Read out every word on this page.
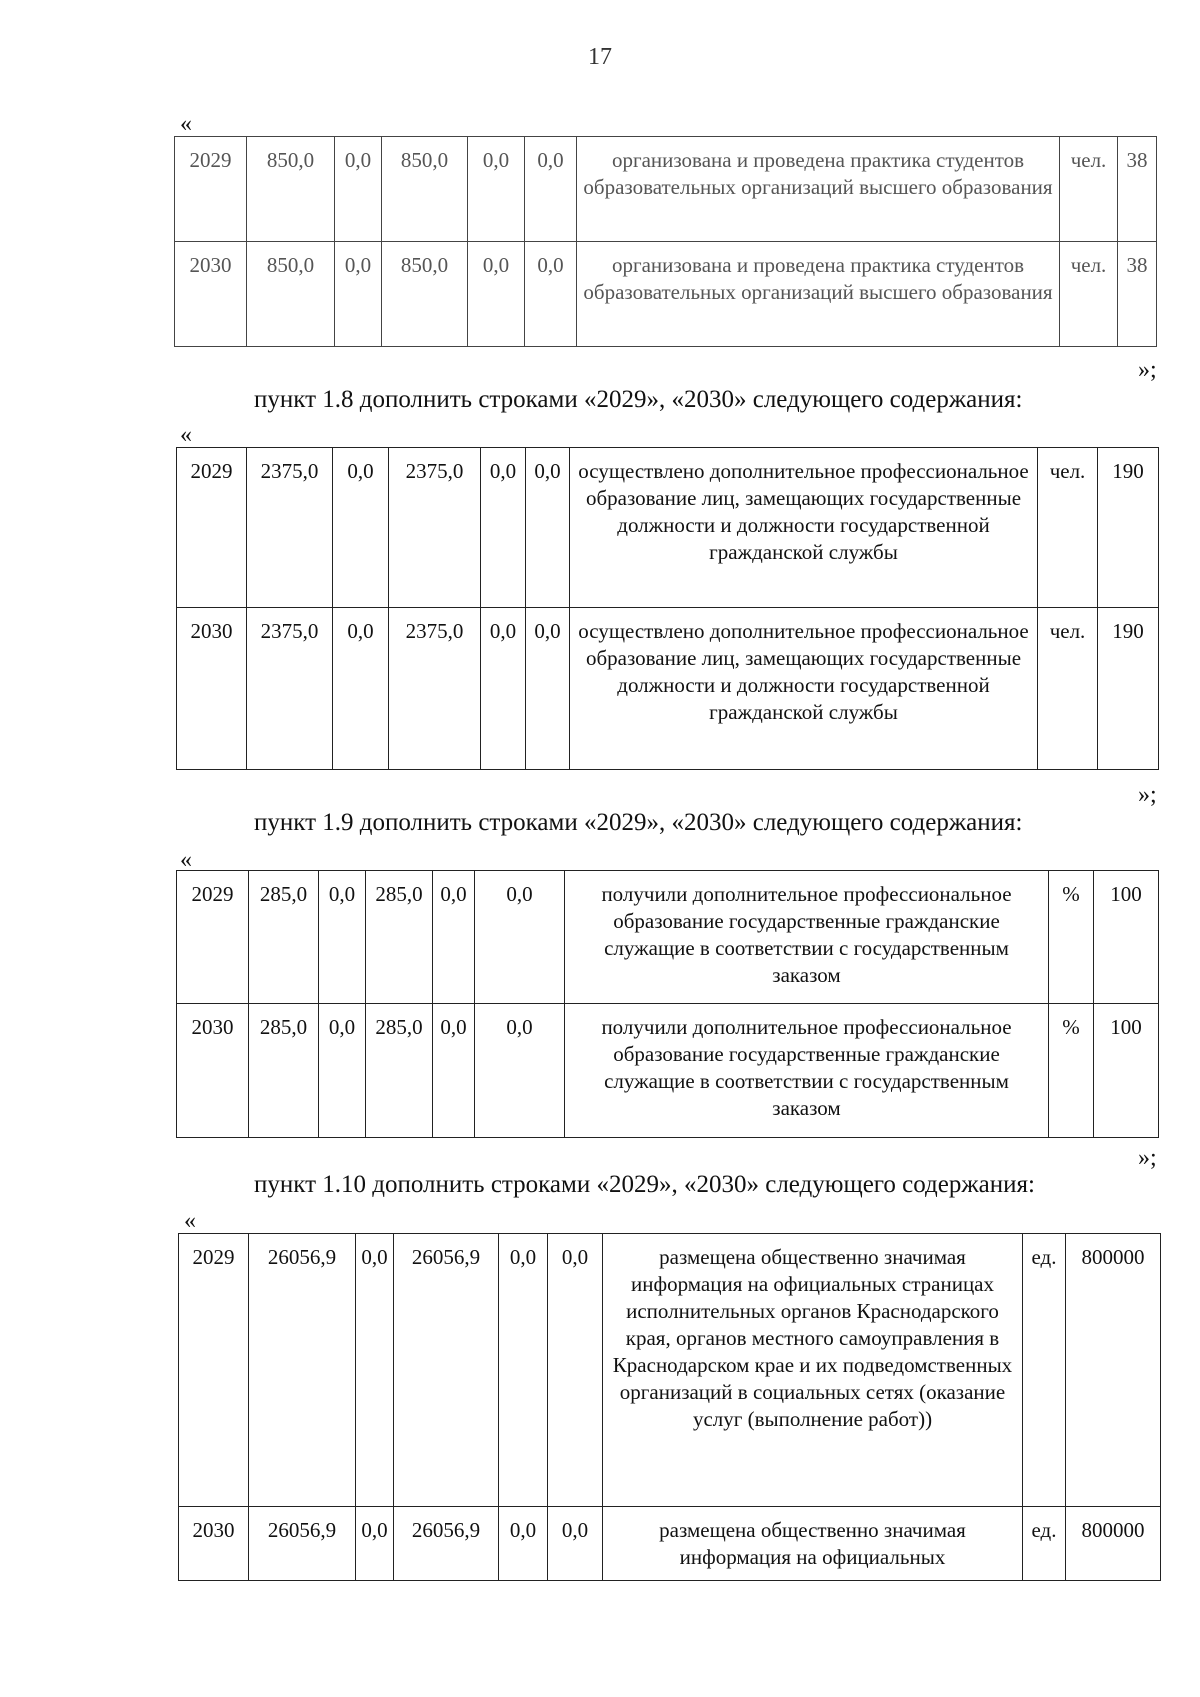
17
«
2029	850,0	0,0	850,0	0,0	0,0	организована и проведена практика студентов образовательных организаций высшего образования	чел.	38
2030	850,0	0,0	850,0	0,0	0,0	организована и проведена практика студентов образовательных организаций высшего образования	чел.	38
»;
пункт 1.8 дополнить строками «2029», «2030» следующего содержания:
«
2029	2375,0	0,0	2375,0	0,0	0,0	осуществлено дополнительное профессиональное образование лиц, замещающих государственные должности и должности государственной гражданской службы	чел.	190
2030	2375,0	0,0	2375,0	0,0	0,0	осуществлено дополнительное профессиональное образование лиц, замещающих государственные должности и должности государственной гражданской службы	чел.	190
»;
пункт 1.9 дополнить строками «2029», «2030» следующего содержания:
«
2029	285,0	0,0	285,0	0,0	0,0	получили дополнительное профессиональное образование государственные гражданские служащие в соответствии с государственным заказом	%	100
2030	285,0	0,0	285,0	0,0	0,0	получили дополнительное профессиональное образование государственные гражданские служащие в соответствии с государственным заказом	%	100
»;
пункт 1.10 дополнить строками «2029», «2030» следующего содержания:
«
2029	26056,9	0,0	26056,9	0,0	0,0	размещена общественно значимая информация на официальных страницах исполнительных органов Краснодарского края, органов местного самоуправления в Краснодарском крае и их подведомственных организаций в социальных сетях (оказание услуг (выполнение работ))	ед.	800000
2030	26056,9	0,0	26056,9	0,0	0,0	размещена общественно значимая информация на официальных	ед.	800000
